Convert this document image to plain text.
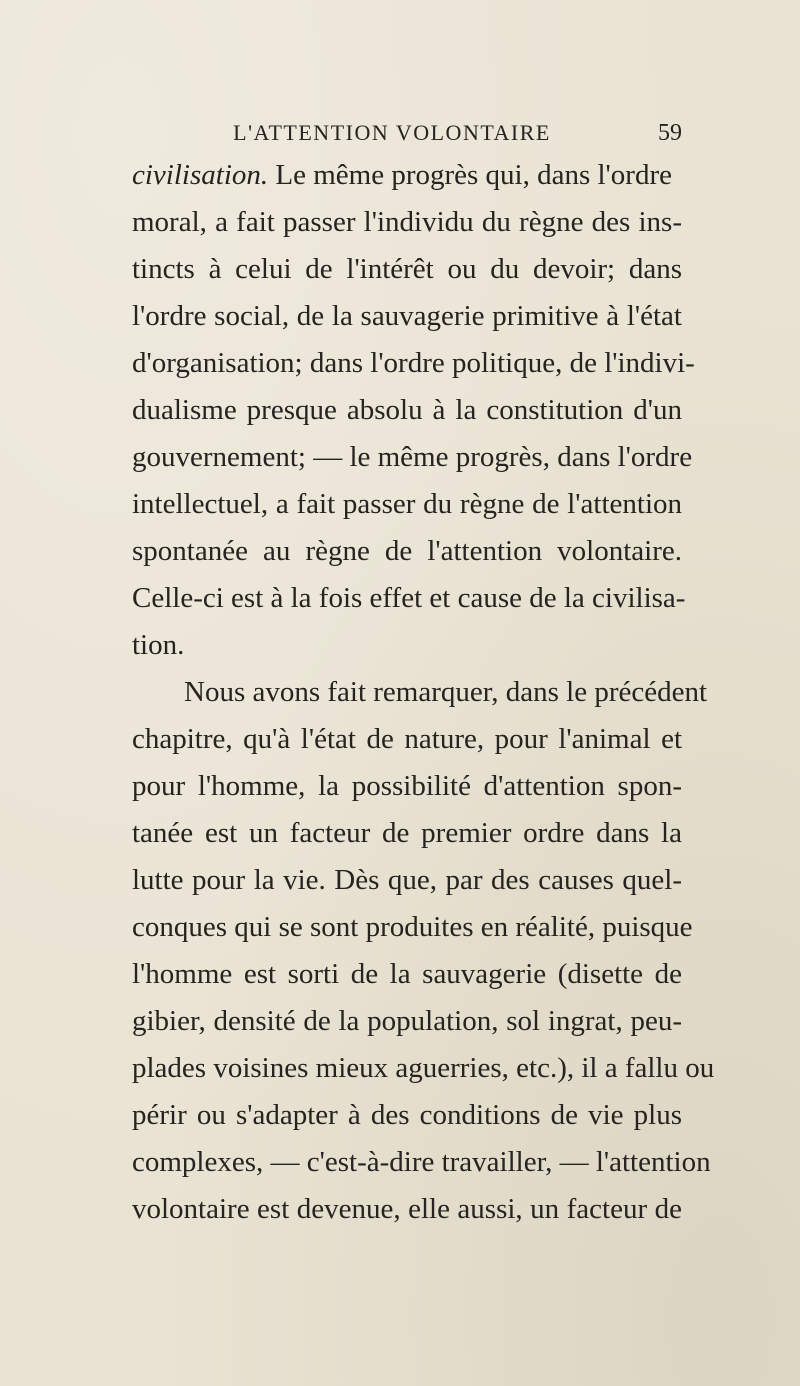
L'ATTENTION VOLONTAIRE	59
civilisation. Le même progrès qui, dans l'ordre
moral, a fait passer l'individu du règne des ins-
tincts à celui de l'intérêt ou du devoir; dans
l'ordre social, de la sauvagerie primitive à l'état
d'organisation; dans l'ordre politique, de l'indivi-
dualisme presque absolu à la constitution d'un
gouvernement; — le même progrès, dans l'ordre
intellectuel, a fait passer du règne de l'attention
spontanée au règne de l'attention volontaire.
Celle-ci est à la fois effet et cause de la civilisa-
tion.
Nous avons fait remarquer, dans le précédent
chapitre, qu'à l'état de nature, pour l'animal et
pour l'homme, la possibilité d'attention spon-
tanée est un facteur de premier ordre dans la
lutte pour la vie. Dès que, par des causes quel-
conques qui se sont produites en réalité, puisque
l'homme est sorti de la sauvagerie (disette de
gibier, densité de la population, sol ingrat, peu-
plades voisines mieux aguerries, etc.), il a fallu ou
périr ou s'adapter à des conditions de vie plus
complexes, — c'est-à-dire travailler, — l'attention
volontaire est devenue, elle aussi, un facteur de
